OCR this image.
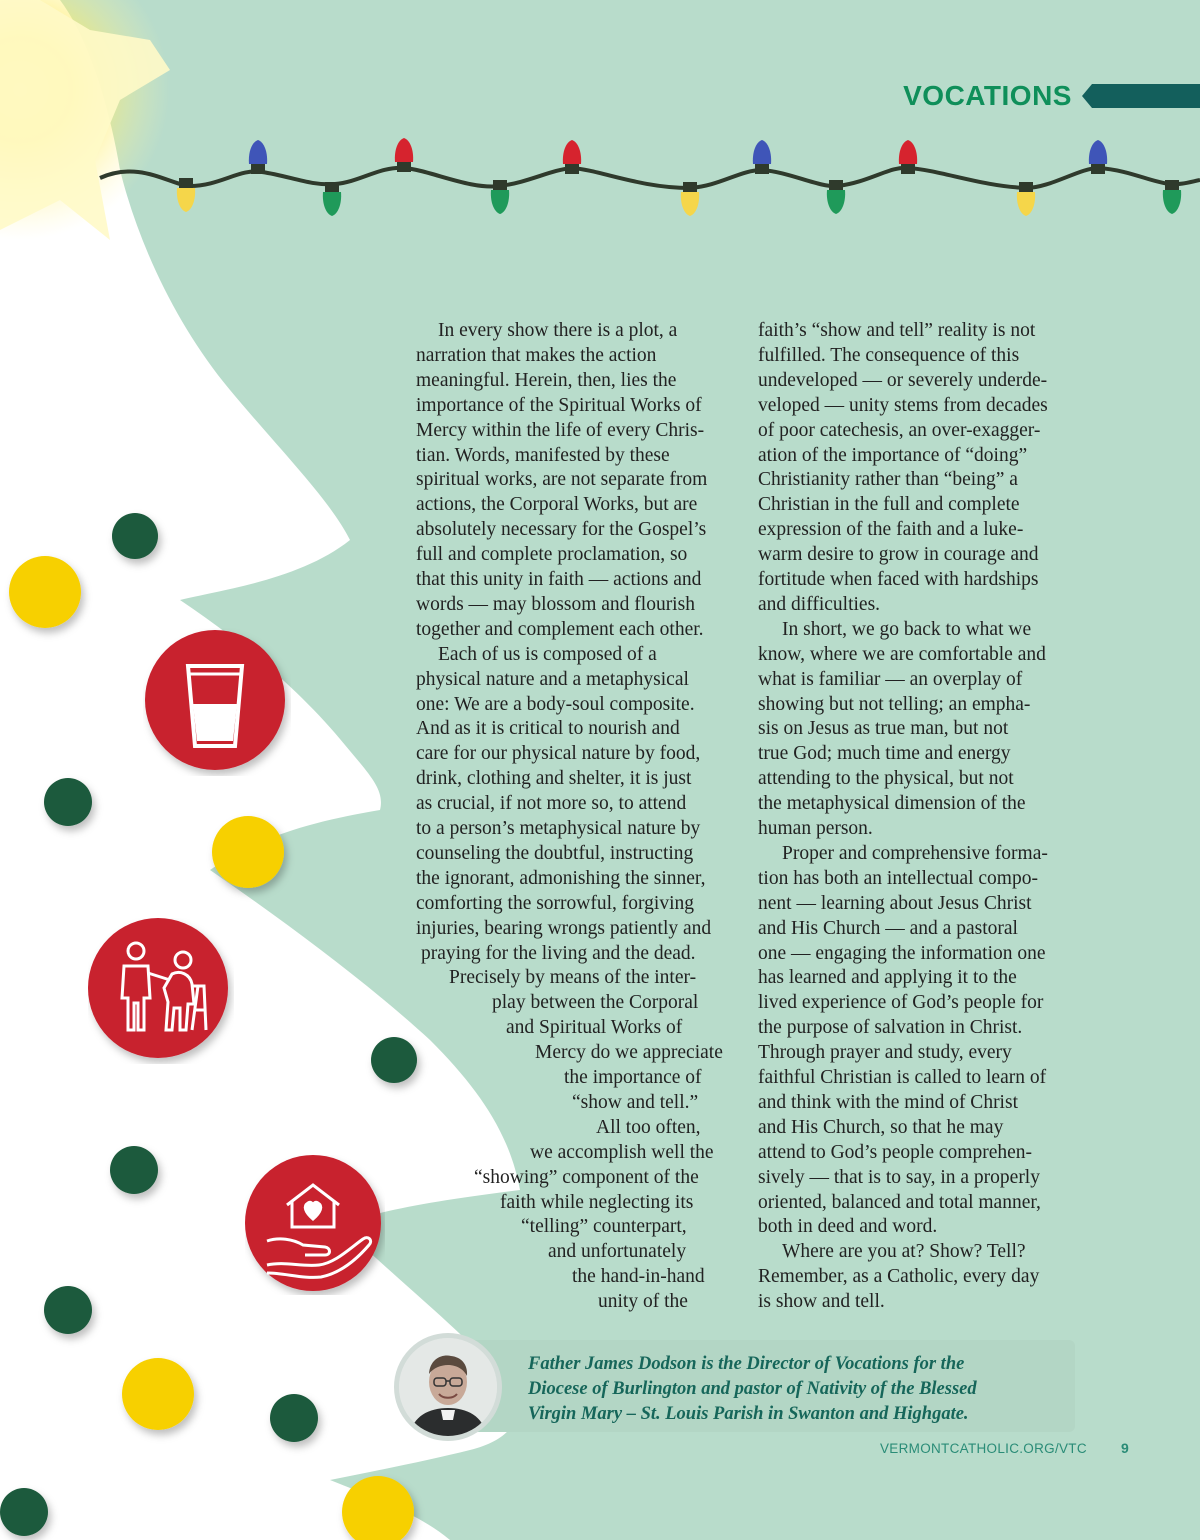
VOCATIONS
— iStock and Freepik illustrations	In every show there is a plot, a

narration that makes the action

meaningful. Herein, then, lies the

importance of the Spiritual Works of

Mercy within the life of every Chris-

tian. Words, manifested by these

spiritual works, are not separate from

actions, the Corporal Works, but are

absolutely necessary for the Gospel’s

full and complete proclamation, so

that this unity in faith — actions and

words — may blossom and flourish

together and complement each other.

Each of us is composed of a

physical nature and a metaphysical

one: We are a body-soul composite.

And as it is critical to nourish and

care for our physical nature by food,

drink, clothing and shelter, it is just

as crucial, if not more so, to attend

to a person’s metaphysical nature by

counseling the doubtful, instructing

the ignorant, admonishing the sinner,

comforting the sorrowful, forgiving

injuries, bearing wrongs patiently and

praying for the living and the dead.

Precisely by means of the inter-

play between the Corporal

and Spiritual Works of

Mercy do we appreciate

the importance of

“show and tell.”

All too often,

we accomplish well the

“showing” component of the

faith while neglecting its

“telling” counterpart,

and unfortunately

the hand-in-hand

unity of the

faith’s “show and tell” reality is not

fulfilled. The consequence of this

undeveloped — or severely underde-

veloped — unity stems from decades

of poor catechesis, an over-exagger-

ation of the importance of “doing”

Christianity rather than “being” a

Christian in the full and complete

expression of the faith and a luke-

warm desire to grow in courage and

fortitude when faced with hardships

and difficulties.

In short, we go back to what we

know, where we are comfortable and

what is familiar — an overplay of

showing but not telling; an empha-

sis on Jesus as true man, but not

true God; much time and energy

attending to the physical, but not

the metaphysical dimension of the

human person.

Proper and comprehensive forma-

tion has both an intellectual compo-

nent — learning about Jesus Christ

and His Church — and a pastoral

one — engaging the information one

has learned and applying it to the

lived experience of God’s people for

the purpose of salvation in Christ.

Through prayer and study, every

faithful Christian is called to learn of

and think with the mind of Christ

and His Church, so that he may

attend to God’s people comprehen-

sively — that is to say, in a properly

oriented, balanced and total manner,

both in deed and word.

Where are you at? Show? Tell?

Remember, as a Catholic, every day

is show and tell.

Father James Dodson is the Director of Vocations for the
Diocese of Burlington and pastor of Nativity of the Blessed
Virgin Mary – St. Louis Parish in Swanton and Highgate.
VERMONTCATHOLIC.ORG/VTC 9
